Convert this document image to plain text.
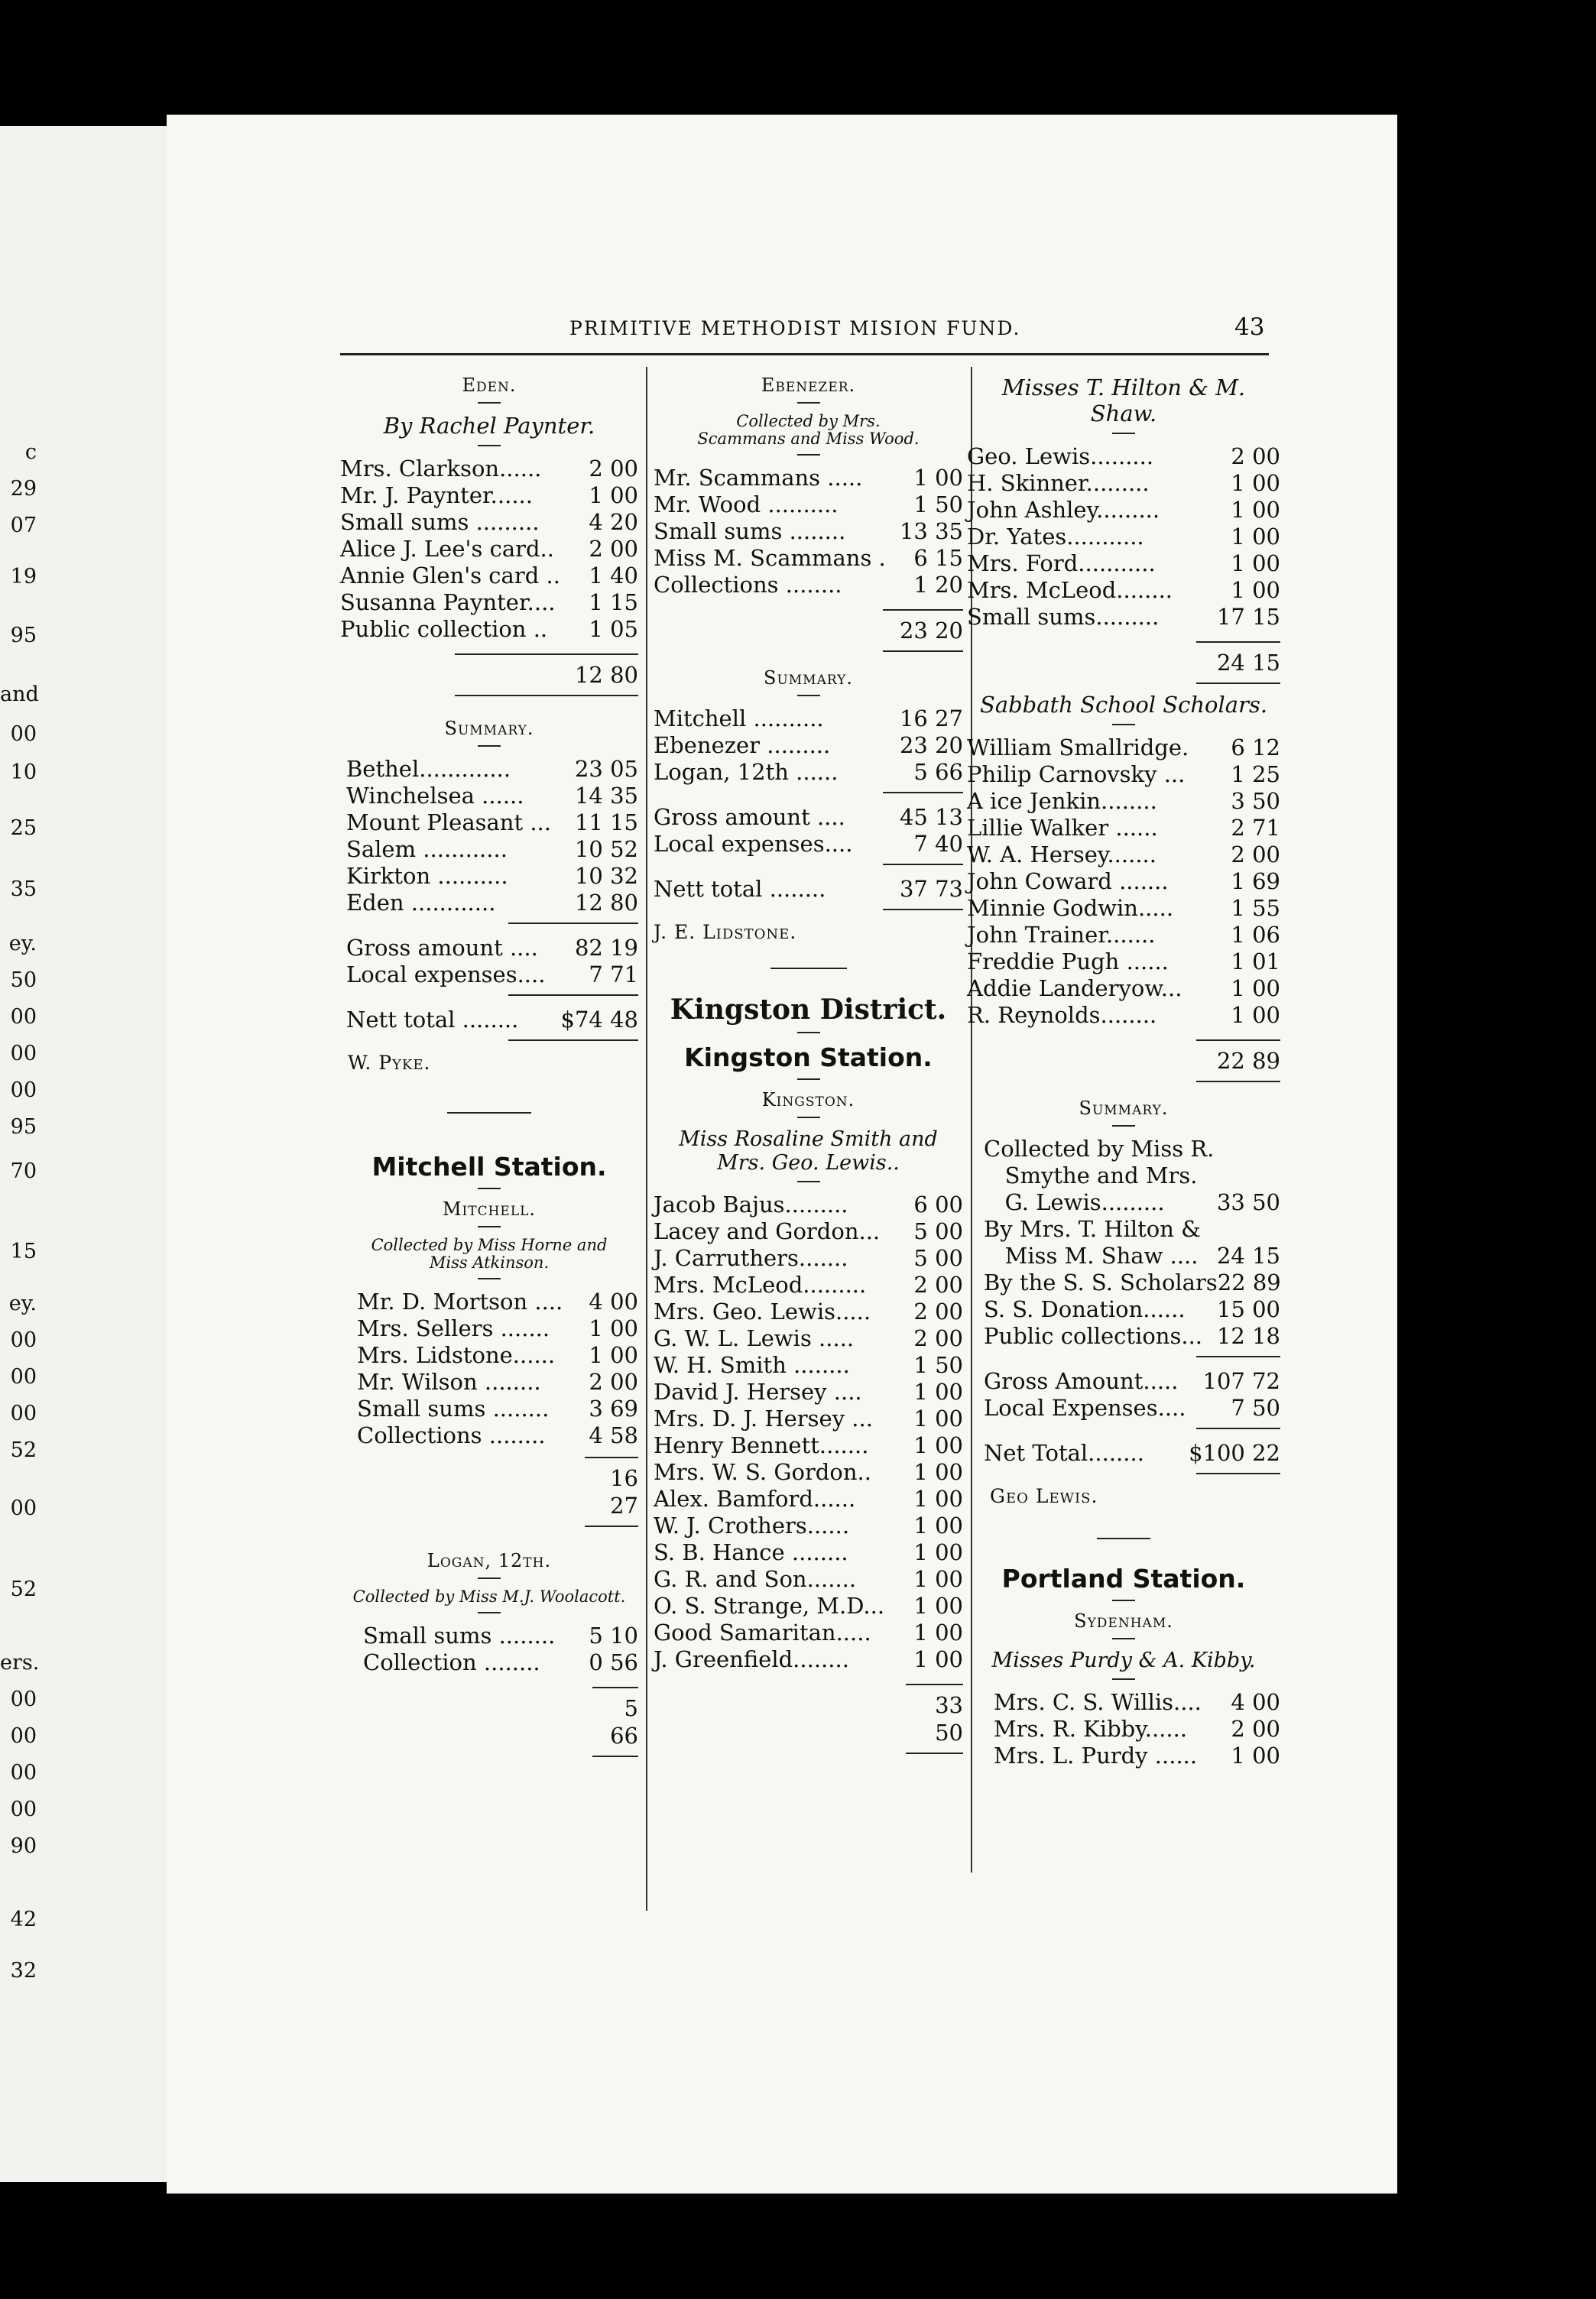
c
29
07
19
95
and
00
10
25
35
ey.
50
00
00
00
95
70
15
ey.
00
00
00
52
00
52
ers.
00
00
00
00
90
42
32
PRIMITIVE METHODIST MISION FUND.	43
Eden.
By Rachel Paynter.
Mrs. Clarkson...... 2 00
Mr. J. Paynter......	1 00
Small sums ......... 4 20
Alice J. Lee's card.. 2 00
Annie Glen's card .. 1 40
Susanna Paynter.... 1 15
Public collection .. 1 05
12 80
Summary.
Bethel.............	23 05
Winchelsea ...... 14 35
Mount Pleasant ... 11 15
Salem ............	10 52
Kirkton ..........	10 32
Eden ............	12 80
Gross amount .... 82 19
Local expenses.... 7 71
Nett total ........ $74 48
W. Pyke.
Mitchell Station.
Mitchell.
Collected by Miss Horne and Miss Atkinson.
Mr. D. Mortson .... 4 00
Mrs. Sellers ....... 1 00
Mrs. Lidstone...... 1 00
Mr. Wilson ........ 2 00
Small sums ........ 3 69
Collections ........ 4 58
16 27
Logan, 12th.
Collected by Miss M.J. Woolacott.
Small sums ........ 5 10
Collection ........ 0 56
5 66
Ebenezer.
Collected by Mrs. Scammans and Miss Wood.
Mr. Scammans ..... 1 00
Mr. Wood ..........	1 50
Small sums ........ 13 35
Miss M. Scammans . 6 15
Collections ........	1 20
23 20
Summary.
Mitchell ..........	16 27
Ebenezer .........	23 20
Logan, 12th ......	5 66
Gross amount .... 45 13
Local expenses....	7 40
Nett total ........	37 73
J. E. Lidstone.
Kingston District.
Kingston Station.
Kingston.
Miss Rosaline Smith and Mrs. Geo. Lewis..
Jacob Bajus.........	6 00
Lacey and Gordon... 5 00
J. Carruthers.......	5 00
Mrs. McLeod......... 2 00
Mrs. Geo. Lewis..... 2 00
G. W. L. Lewis .....	2 00
W. H. Smith ........	1 50
David J. Hersey .... 1 00
Mrs. D. J. Hersey ... 1 00
Henry Bennett....... 1 00
Mrs. W. S. Gordon.. 1 00
Alex. Bamford......	1 00
W. J. Crothers......	1 00
S. B. Hance ........	1 00
G. R. and Son.......	1 00
O. S. Strange, M.D... 1 00
Good Samaritan..... 1 00
J. Greenfield........	1 00
33 50
Misses T. Hilton & M. Shaw.
Geo. Lewis.........	2 00
H. Skinner.........	1 00
John Ashley.........	1 00
Dr. Yates...........	1 00
Mrs. Ford...........	1 00
Mrs. McLeod........	1 00
Small sums.........	17 15
24 15
Sabbath School Scholars.
William Smallridge. 6 12
Philip Carnovsky ... 1 25
A ice Jenkin........	3 50
Lillie Walker ......	2 71
W. A. Hersey.......	2 00
John Coward .......	1 69
Minnie Godwin.....	1 55
John Trainer.......	1 06
Freddie Pugh ......	1 01
Addie Landeryow... 1 00
R. Reynolds........	1 00
22 89
Summary.
Collected by Miss R.
Smythe and Mrs.
G. Lewis......... 33 50
By Mrs. T. Hilton &
Miss M. Shaw .... 24 15
By the S. S. Scholars 22 89
S. S. Donation...... 15 00
Public collections... 12 18
Gross Amount..... 107 72
Local Expenses.... 7 50
Net Total........ $100 22
Geo Lewis.
Portland Station.
Sydenham.
Misses Purdy & A. Kibby.
Mrs. C. S. Willis.... 4 00
Mrs. R. Kibby...... 2 00
Mrs. L. Purdy ...... 1 00
